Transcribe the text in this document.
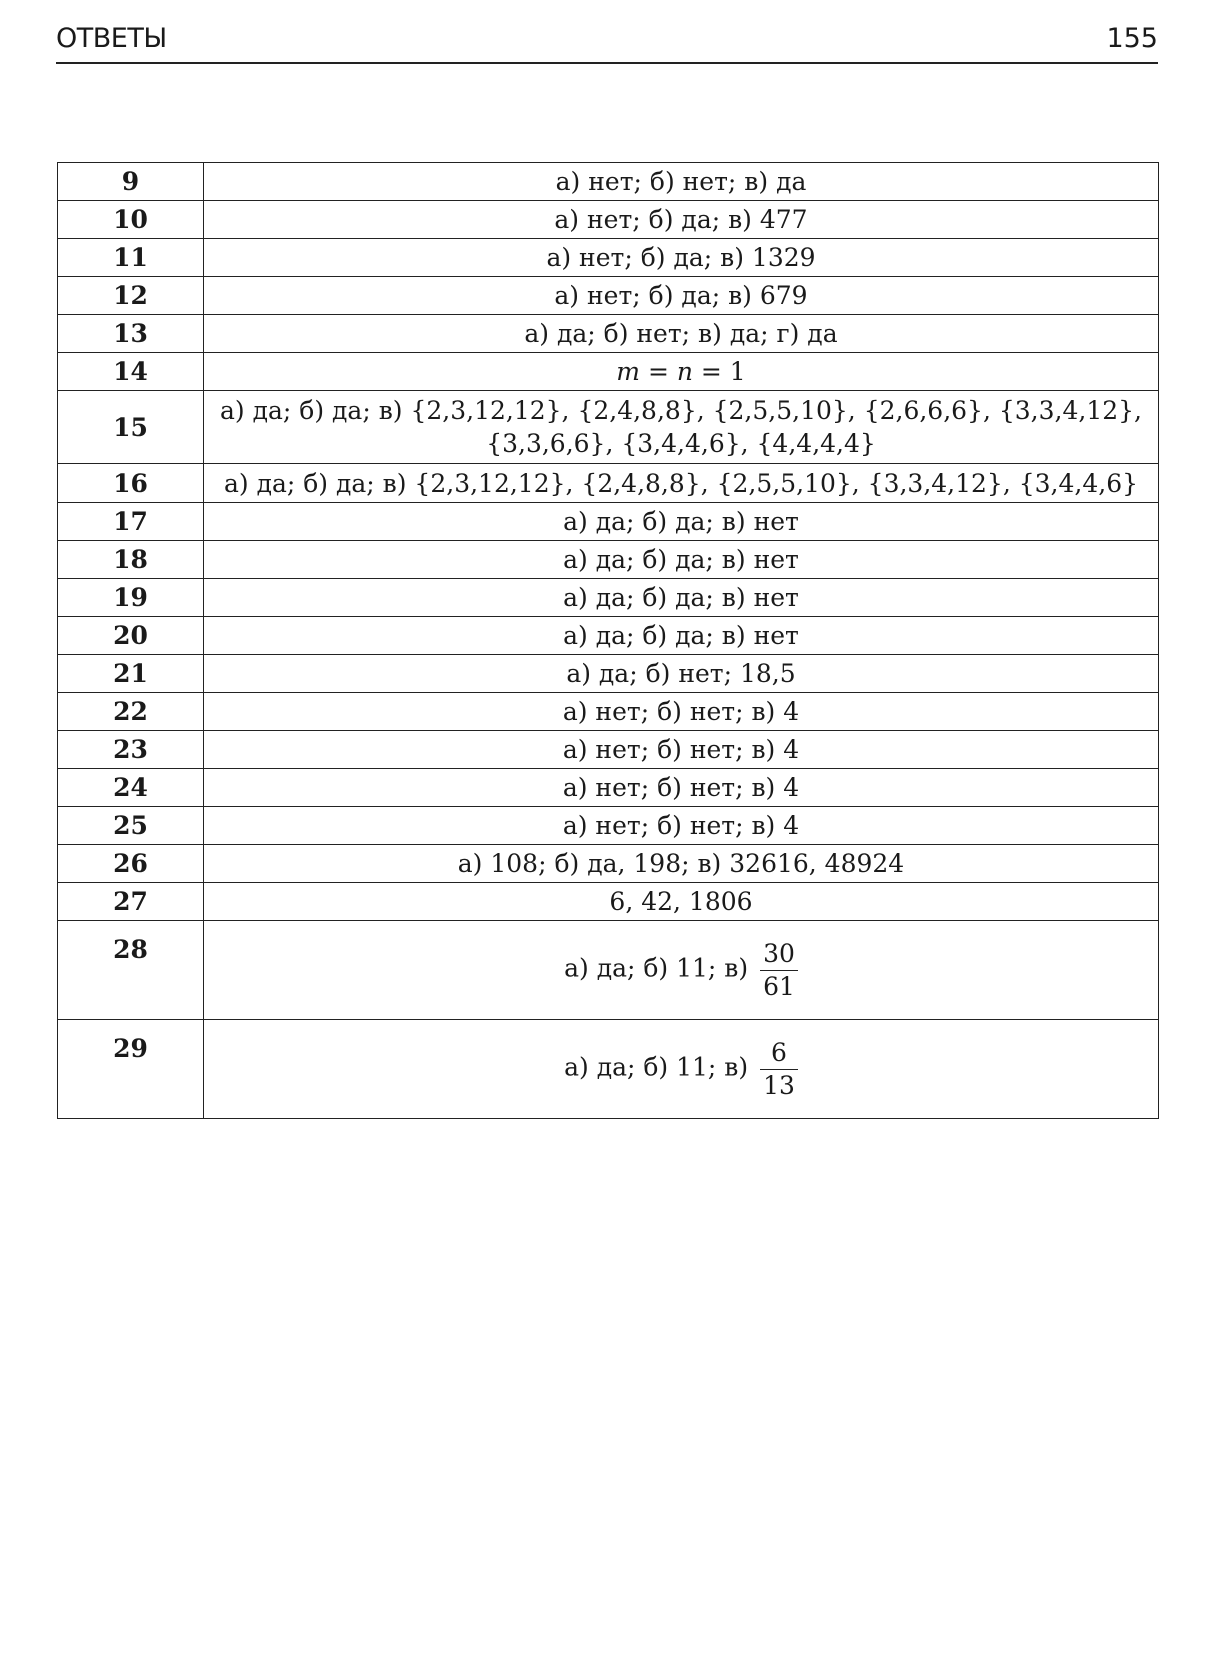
ОТВЕТЫ	155
9	а) нет; б) нет; в) да
10	а) нет; б) да; в) 477
11	а) нет; б) да; в) 1329
12	а) нет; б) да; в) 679
13	а) да; б) нет; в) да; г) да
14	m = n = 1
15	а) да; б) да; в) {2,3,12,12}, {2,4,8,8}, {2,5,5,10}, {2,6,6,6}, {3,3,4,12},
{3,3,6,6}, {3,4,4,6}, {4,4,4,4}

16	а) да; б) да; в) {2,3,12,12}, {2,4,8,8}, {2,5,5,10}, {3,3,4,12}, {3,4,4,6}
17	а) да; б) да; в) нет
18	а) да; б) да; в) нет
19	а) да; б) да; в) нет
20	а) да; б) да; в) нет
21	а) да; б) нет; 18,5
22	а) нет; б) нет; в) 4
23	а) нет; б) нет; в) 4
24	а) нет; б) нет; в) 4
25	а) нет; б) нет; в) 4
26	а) 108; б) да, 198; в) 32616, 48924
27	6, 42, 1806
28	а) да; б) 11; $в) \frac{30}{61}$

29	а) да; б) 11; $в) \frac{6}{13}$
